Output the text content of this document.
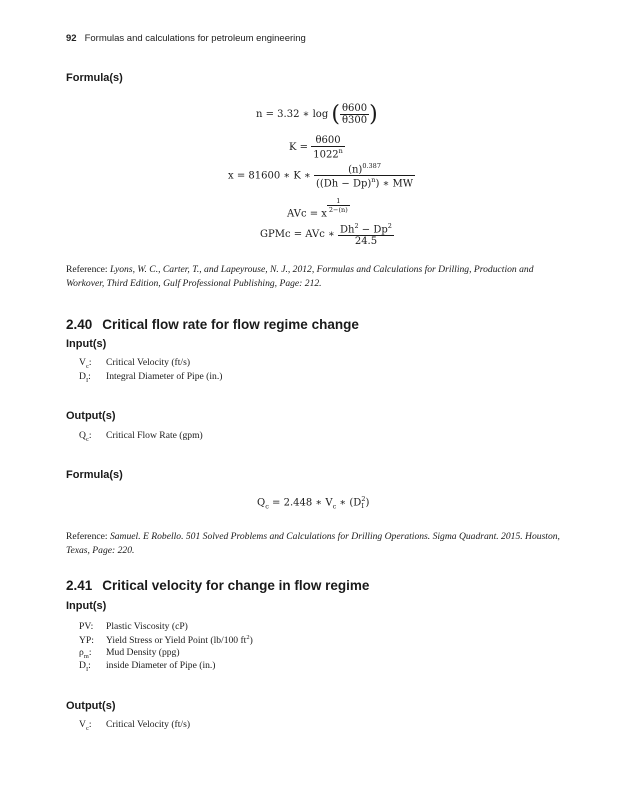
92 Formulas and calculations for petroleum engineering
Formula(s)
n = 3.32 ∗ log ( $\frac{\theta 600}{\theta 300}$ )
$K = \frac{\theta 600}{1022^n}$
x = 81600 ∗ K ∗ $\frac{(n)^{0.387}}{((Dh - Dp)^n) ∗ MW}$
AVc = x $\frac{1}{2-(n)}$
GPMc = AVc ∗ $\frac{Dh^2 - Dp^2}{24.5}$
Reference: Lyons, W. C., Carter, T., and Lapeyrouse, N. J., 2012, Formulas and Calculations for Drilling, Production and Workover, Third Edition, Gulf Professional Publishing, Page: 212.
2.40 Critical flow rate for flow regime change
Input(s)
$V_c$: Critical Velocity (ft/s)
$D_I$: Integral Diameter of Pipe (in.)
Output(s)
$Q_c$: Critical Flow Rate (gpm)
Formula(s)
$Q_c = 2.448$ ∗ $V_c$ ∗ (D 2
I )
Reference: Samuel. E Robello. 501 Solved Problems and Calculations for Drilling Operations. Sigma Quadrant. 2015. Houston, Texas, Page: 220.
2.41 Critical velocity for change in flow regime
Input(s)
PV: Plastic Viscosity (cP)
YP: Yield Stress or Yield Point (lb/100 $ft^2$)
$\rho_m$: Mud Density (ppg)
$D_I$: inside Diameter of Pipe (in.)
Output(s)
$V_c$: Critical Velocity (ft/s)
